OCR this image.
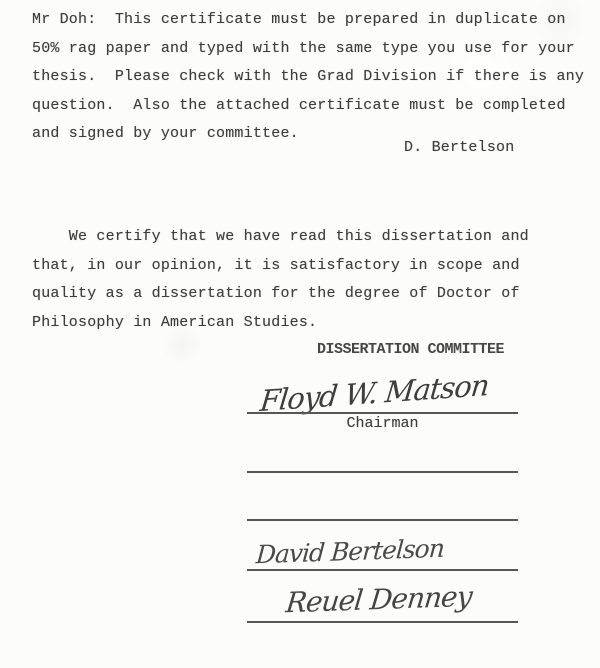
Mr Doh:  This certificate must be prepared in duplicate on
50% rag paper and typed with the same type you use for your
thesis.  Please check with the Grad Division if there is any
question.  Also the attached certificate must be completed
and signed by your committee.
D. Bertelson
We certify that we have read this dissertation and
that, in our opinion, it is satisfactory in scope and
quality as a dissertation for the degree of Doctor of
Philosophy in American Studies.
DISSERTATION COMMITTEE
Floyd W. Matson
Chairman
David Bertelson
Reuel Denney
